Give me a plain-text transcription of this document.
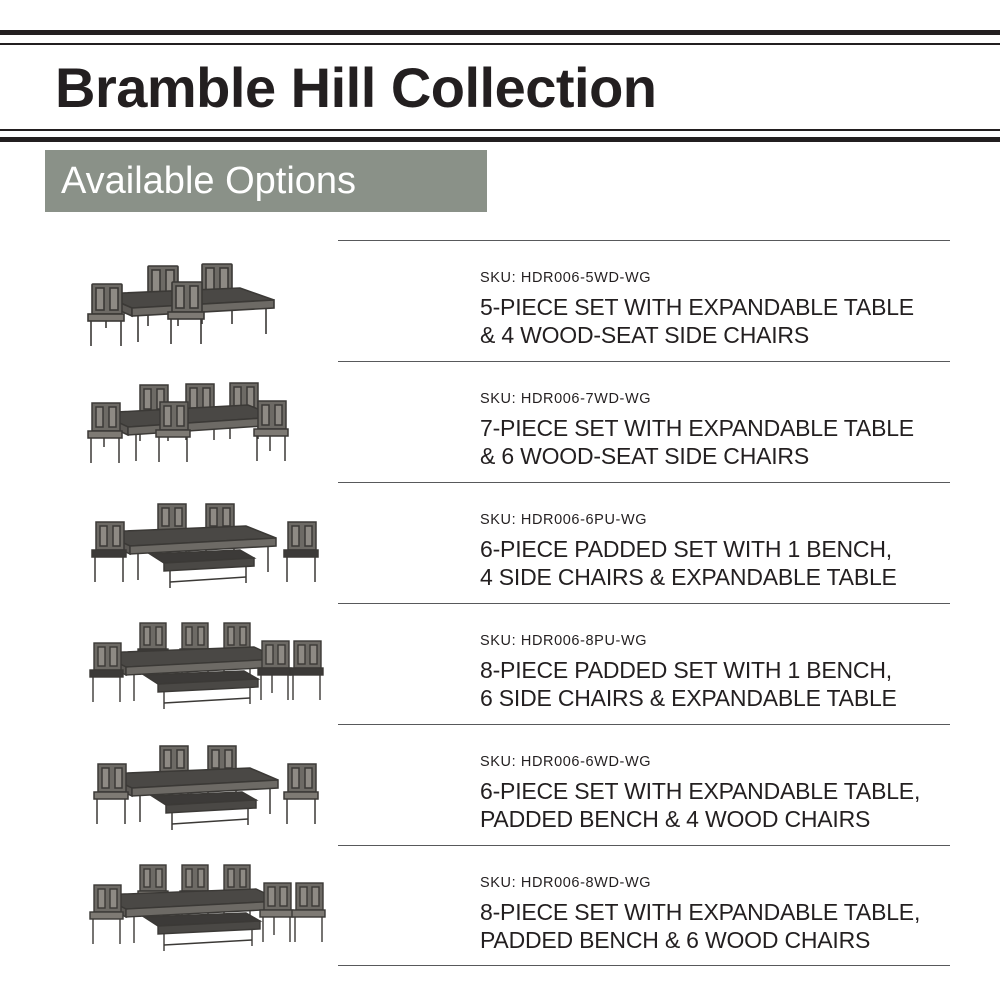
Bramble Hill Collection
Available Options
SKU: HDR006-5WD-WG
5-PIECE SET WITH EXPANDABLE TABLE
& 4 WOOD-SEAT SIDE CHAIRS
SKU: HDR006-7WD-WG
7-PIECE SET WITH EXPANDABLE TABLE
& 6 WOOD-SEAT SIDE CHAIRS
SKU: HDR006-6PU-WG
6-PIECE PADDED SET WITH 1 BENCH,
4 SIDE CHAIRS & EXPANDABLE TABLE
SKU: HDR006-8PU-WG
8-PIECE PADDED SET WITH 1 BENCH,
6 SIDE CHAIRS & EXPANDABLE TABLE
SKU: HDR006-6WD-WG
6-PIECE SET WITH EXPANDABLE TABLE,
PADDED BENCH & 4 WOOD CHAIRS
SKU: HDR006-8WD-WG
8-PIECE SET WITH EXPANDABLE TABLE,
PADDED BENCH & 6 WOOD CHAIRS
